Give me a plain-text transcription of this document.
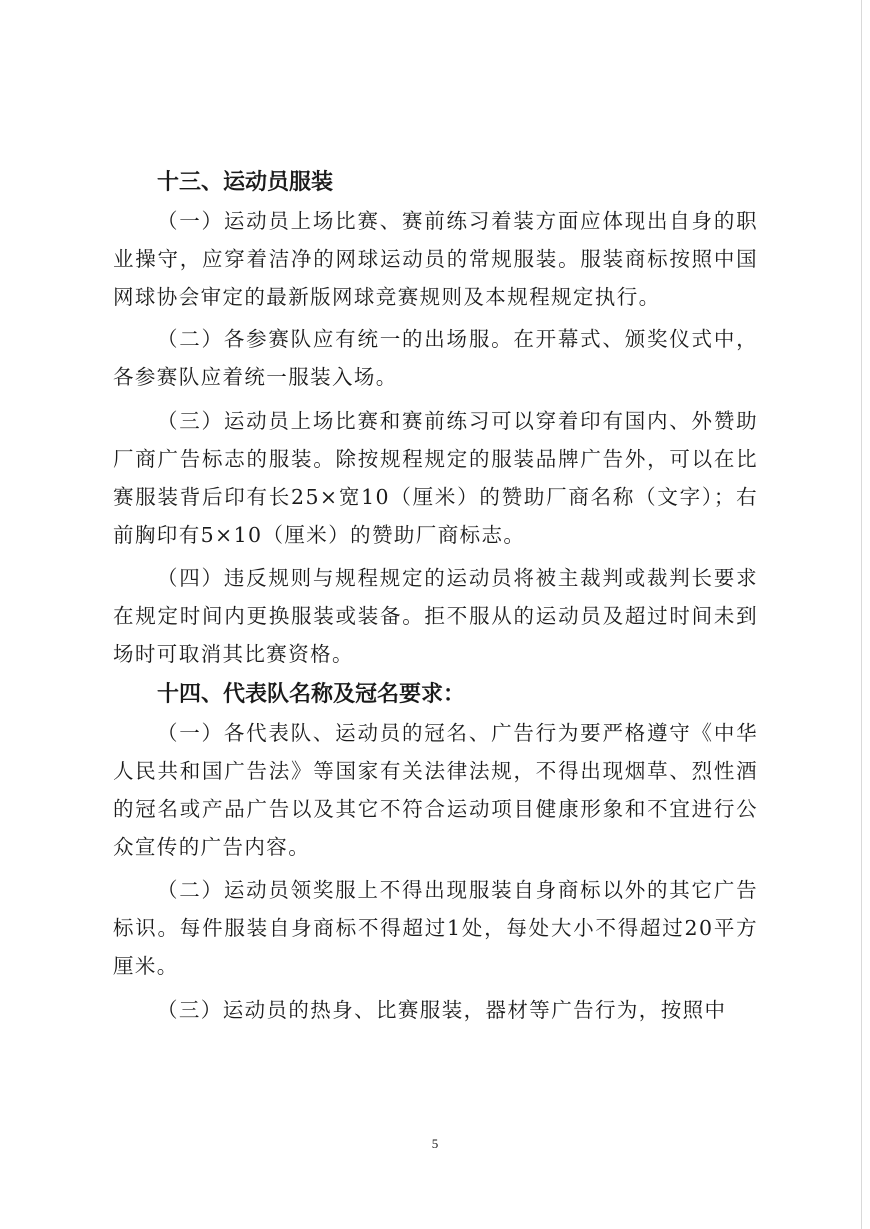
十三、运动员服装

（一）运动员上场比赛、赛前练习着装方面应体现出自身的职业操守，应穿着洁净的网球运动员的常规服装。服装商标按照中国网球协会审定的最新版网球竞赛规则及本规程规定执行。

（二）各参赛队应有统一的出场服。在开幕式、颁奖仪式中，各参赛队应着统一服装入场。

（三）运动员上场比赛和赛前练习可以穿着印有国内、外赞助厂商广告标志的服装。除按规程规定的服装品牌广告外，可以在比赛服装背后印有长25×宽10（厘米）的赞助厂商名称（文字）；右前胸印有5×10（厘米）的赞助厂商标志。

（四）违反规则与规程规定的运动员将被主裁判或裁判长要求在规定时间内更换服装或装备。拒不服从的运动员及超过时间未到场时可取消其比赛资格。

十四、代表队名称及冠名要求：

（一）各代表队、运动员的冠名、广告行为要严格遵守《中华人民共和国广告法》等国家有关法律法规，不得出现烟草、烈性酒的冠名或产品广告以及其它不符合运动项目健康形象和不宜进行公众宣传的广告内容。

（二）运动员领奖服上不得出现服装自身商标以外的其它广告标识。每件服装自身商标不得超过1处，每处大小不得超过20平方厘米。

（三）运动员的热身、比赛服装，器材等广告行为，按照中

5
